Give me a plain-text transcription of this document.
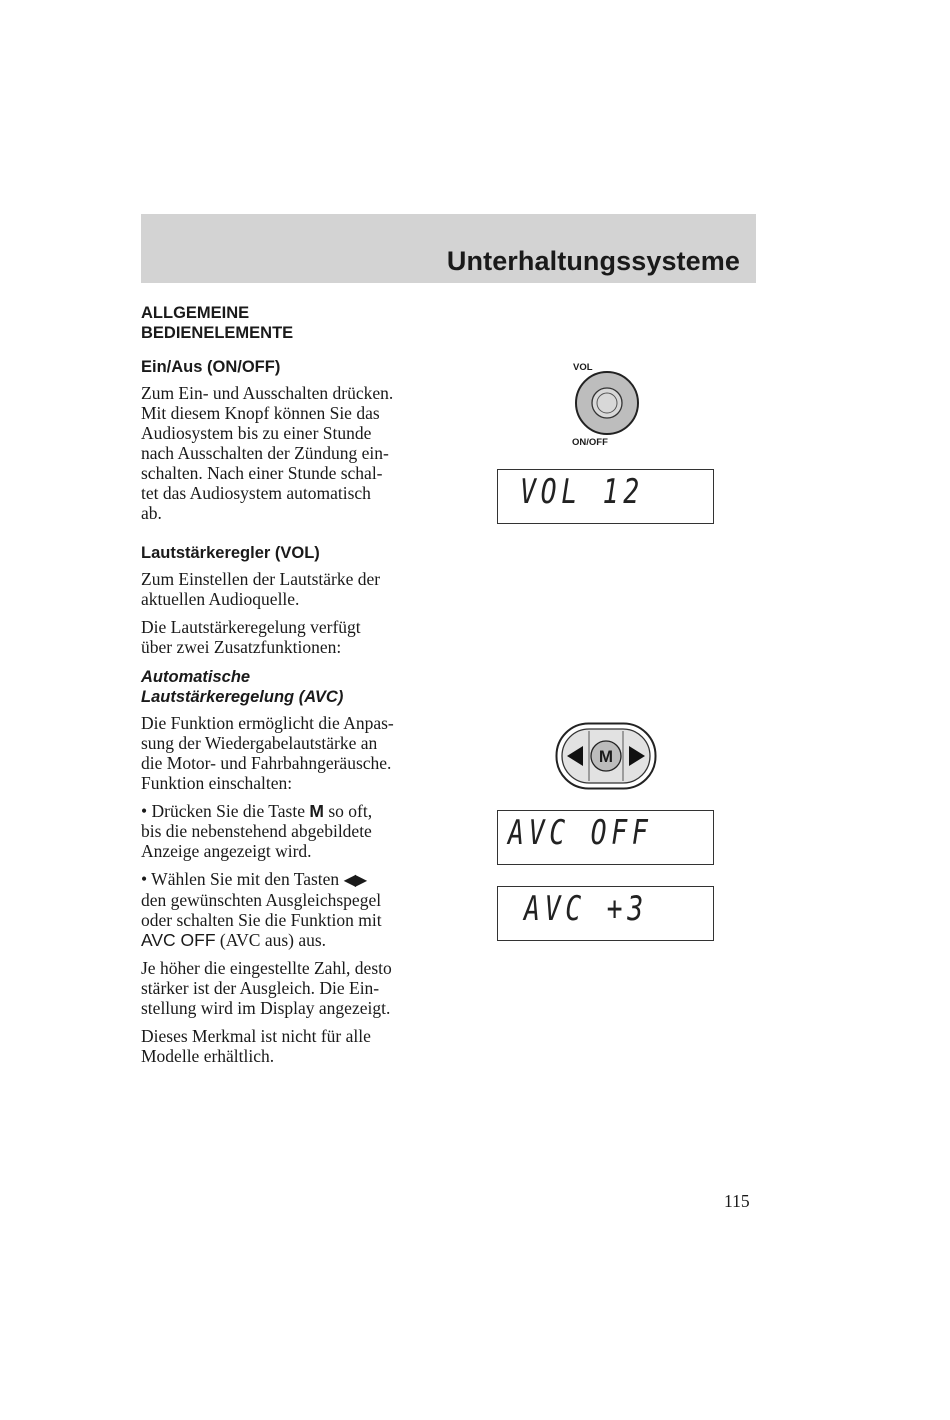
Unterhaltungssysteme
ALLGEMEINE
BEDIENELEMENTE
Ein/Aus (ON/OFF)

Zum Ein- und Ausschalten drücken.
Mit diesem Knopf können Sie das
Audiosystem bis zu einer Stunde
nach Ausschalten der Zündung ein-
schalten. Nach einer Stunde schal-
tet das Audiosystem automatisch
ab.

Lautstärkeregler (VOL)

Zum Einstellen der Lautstärke der
aktuellen Audioquelle.

Die Lautstärkeregelung verfügt
über zwei Zusatzfunktionen:

Automatische
Lautstärkeregelung (AVC)

Die Funktion ermöglicht die Anpas-
sung der Wiedergabelautstärke an
die Motor- und Fahrbahngeräusche.
Funktion einschalten:

• Drücken Sie die Taste M so oft,
bis die nebenstehend abgebildete
Anzeige angezeigt wird.

• Wählen Sie mit den Tasten ◀▶
den gewünschten Ausgleichspegel
oder schalten Sie die Funktion mit
AVC OFF (AVC aus) aus.

Je höher die eingestellte Zahl, desto
stärker ist der Ausgleich. Die Ein-
stellung wird im Display angezeigt.

Dieses Merkmal ist nicht für alle
Modelle erhältlich.

VOL
ON/OFF
VOL 12
M
AVC OFF
AVC +3
115
